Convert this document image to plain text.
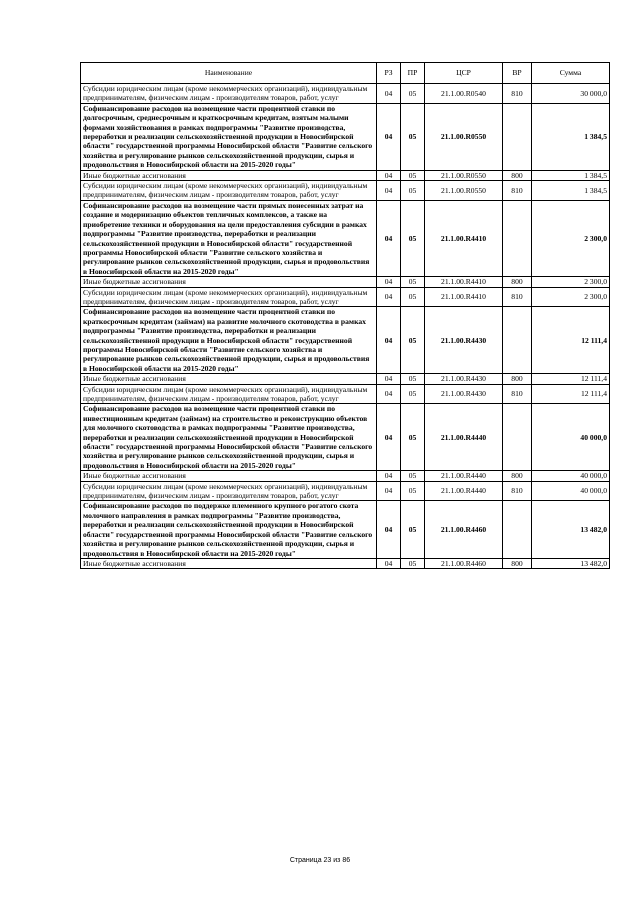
Наименование	РЗ	ПР	ЦСР	ВР	Сумма
Субсидии юридическим лицам (кроме некоммерческих организаций), индивидуальным предпринимателям, физическим лицам - производителям товаров, работ, услуг	04	05	21.1.00.R0540	810	30 000,0
Софинансирование расходов на возмещение части процентной ставки по долгосрочным, среднесрочным и краткосрочным кредитам, взятым малыми формами хозяйствования в рамках подпрограммы "Развитие производства, переработки и реализации сельскохозяйственной продукции в Новосибирской области" государственной программы Новосибирской области "Развитие сельского хозяйства и регулирование рынков сельскохозяйственной продукции, сырья и продовольствия в Новосибирской области на 2015-2020 годы"	04	05	21.1.00.R0550		1 384,5
Иные бюджетные ассигнования	04	05	21.1.00.R0550	800	1 384,5
Субсидии юридическим лицам (кроме некоммерческих организаций), индивидуальным предпринимателям, физическим лицам - производителям товаров, работ, услуг	04	05	21.1.00.R0550	810	1 384,5
Софинансирование расходов на возмещение части прямых понесенных затрат на создание и модернизацию объектов тепличных комплексов, а также на приобретение техники и оборудования на цели предоставления субсидии в рамках подпрограммы "Развитие производства, переработки и реализации сельскохозяйственной продукции в Новосибирской области" государственной программы Новосибирской области "Развитие сельского хозяйства и регулирование рынков сельскохозяйственной продукции, сырья и продовольствия в Новосибирской области на 2015-2020 годы"	04	05	21.1.00.R4410		2 300,0
Иные бюджетные ассигнования	04	05	21.1.00.R4410	800	2 300,0
Субсидии юридическим лицам (кроме некоммерческих организаций), индивидуальным предпринимателям, физическим лицам - производителям товаров, работ, услуг	04	05	21.1.00.R4410	810	2 300,0
Софинансирование расходов на возмещение части процентной ставки по краткосрочным кредитам (займам) на развитие молочного скотоводства в рамках подпрограммы "Развитие производства, переработки и реализации сельскохозяйственной продукции в Новосибирской области" государственной программы Новосибирской области "Развитие сельского хозяйства и регулирование рынков сельскохозяйственной продукции, сырья и продовольствия в Новосибирской области на 2015-2020 годы"	04	05	21.1.00.R4430		12 111,4
Иные бюджетные ассигнования	04	05	21.1.00.R4430	800	12 111,4
Субсидии юридическим лицам (кроме некоммерческих организаций), индивидуальным предпринимателям, физическим лицам - производителям товаров, работ, услуг	04	05	21.1.00.R4430	810	12 111,4
Софинансирование расходов на возмещение части процентной ставки по инвестиционным кредитам (займам) на строительство и реконструкцию объектов для молочного скотоводства в рамках подпрограммы "Развитие производства, переработки и реализации сельскохозяйственной продукции в Новосибирской области" государственной программы Новосибирской области "Развитие сельского хозяйства и регулирование рынков сельскохозяйственной продукции, сырья и продовольствия в Новосибирской области на 2015-2020 годы"	04	05	21.1.00.R4440		40 000,0
Иные бюджетные ассигнования	04	05	21.1.00.R4440	800	40 000,0
Субсидии юридическим лицам (кроме некоммерческих организаций), индивидуальным предпринимателям, физическим лицам - производителям товаров, работ, услуг	04	05	21.1.00.R4440	810	40 000,0
Софинансирование расходов по поддержке племенного крупного рогатого скота молочного направления в рамках подпрограммы "Развитие производства, переработки и реализации сельскохозяйственной продукции в Новосибирской области" государственной программы Новосибирской области "Развитие сельского хозяйства и регулирование рынков сельскохозяйственной продукции, сырья и продовольствия в Новосибирской области на 2015-2020 годы"	04	05	21.1.00.R4460		13 482,0
Иные бюджетные ассигнования	04	05	21.1.00.R4460	800	13 482,0
Страница 23 из 86
